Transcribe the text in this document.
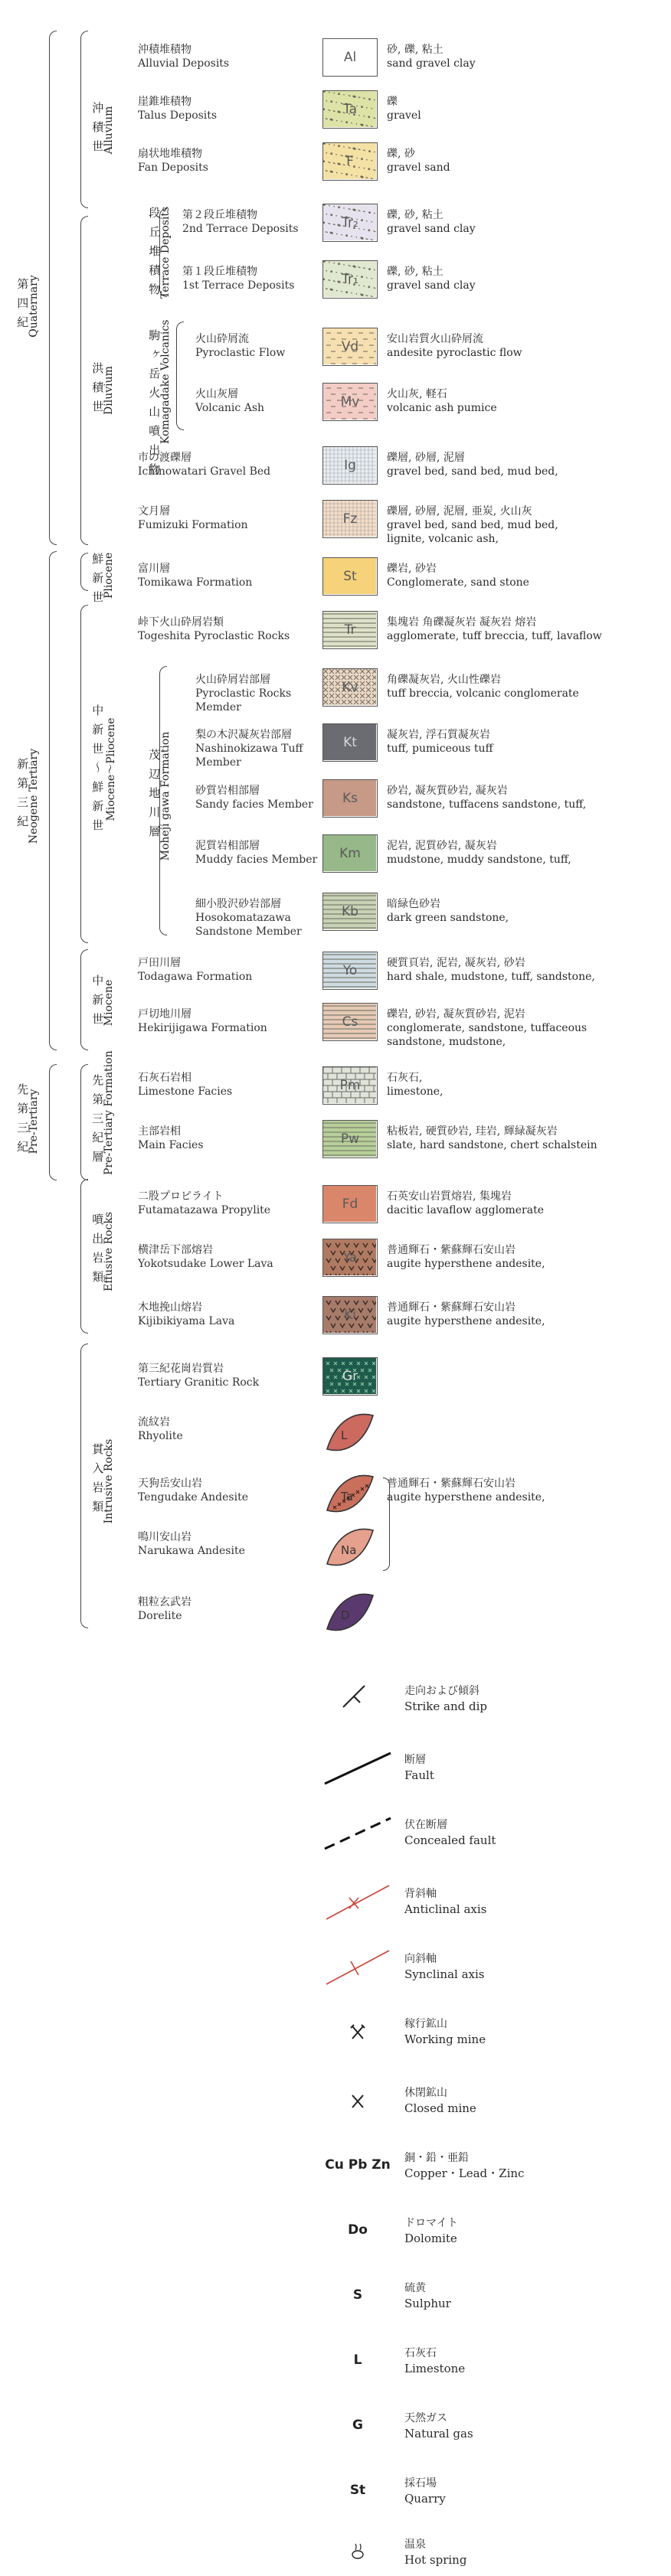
沖積堆積物
Alluvial Deposits	Al	砂, 礫, 粘土
sand gravel clay
崖錐堆積物
Talus Deposits	Ta	礫
gravel
扇状地堆積物
Fan Deposits	F	礫, 砂
gravel sand
第２段丘堆積物
2nd Terrace Deposits	Tr₂	礫, 砂, 粘土
gravel sand clay
第１段丘堆積物
1st Terrace Deposits	Tr₁	礫, 砂, 粘土
gravel sand clay
火山砕屑流
Pyroclastic Flow	Vd	安山岩質火山砕屑流
andesite pyroclastic flow
火山灰層
Volcanic Ash	Mv	火山灰, 軽石
volcanic ash pumice
市の渡礫層
Ichinowatari Gravel Bed	Ig	礫層, 砂層, 泥層
gravel bed, sand bed, mud bed,
文月層
Fumizuki Formation	Fz	礫層, 砂層, 泥層, 亜炭, 火山灰
gravel bed, sand bed, mud bed,
lignite, volcanic ash,
富川層
Tomikawa Formation	St	礫岩, 砂岩
Conglomerate, sand stone
峠下火山砕屑岩類
Togeshita Pyroclastic Rocks	Tr	集塊岩 角礫凝灰岩 凝灰岩 熔岩
agglomerate, tuff breccia, tuff, lavaflow
火山砕屑岩部層
Pyroclastic Rocks
Memder
Kv	角礫凝灰岩, 火山性礫岩
tuff breccia, volcanic conglomerate
梨の木沢凝灰岩部層
Nashinokizawa Tuff
Member
Kt	凝灰岩, 浮石質凝灰岩
tuff, pumiceous tuff
砂質岩相部層
Sandy facies Member	Ks	砂岩, 凝灰質砂岩, 凝灰岩
sandstone, tuffacens sandstone, tuff,
泥質岩相部層
Muddy facies Member	Km	泥岩, 泥質砂岩, 凝灰岩
mudstone, muddy sandstone, tuff,
細小股沢砂岩部層
Hosokomatazawa
Sandstone Member
Kb	暗緑色砂岩
dark green sandstone,
戸田川層
Todagawa Formation	Yo	硬質頁岩, 泥岩, 凝灰岩, 砂岩
hard shale, mudstone, tuff, sandstone,
戸切地川層
Hekirijigawa Formation	Cs	礫岩, 砂岩, 凝灰質砂岩, 泥岩
conglomerate, sandstone, tuffaceous
sandstone, mudstone,
石灰石岩相
Limestone Facies	Pm	石灰石,
limestone,
主部岩相
Main Facies	Pw	粘板岩, 硬質砂岩, 珪岩, 輝緑凝灰岩
slate, hard sandstone, chert schalstein
二股プロピライト
Futamatazawa Propylite	Fd	石英安山岩質熔岩, 集塊岩
dacitic lavaflow agglomerate
横津岳下部熔岩
Yokotsudake Lower Lava	Ya	普通輝石・紫蘇輝石安山岩
augite hypersthene andesite,
木地挽山熔岩
Kijibikiyama Lava	Ki	普通輝石・紫蘇輝石安山岩
augite hypersthene andesite,
第三紀花崗岩質岩
Tertiary Granitic Rock	Gr
流紋岩
Rhyolite	L
天狗岳安山岩
Tengudake Andesite	Ta
普通輝石・紫蘇輝石安山岩
augite hypersthene andesite,
鳴川安山岩
Narukawa Andesite	Na
粗粒玄武岩
Dorelite	D
第四紀
Quaternary
沖積世
Alluvium
洪積世
Diluvium
段丘堆積物
Terrace Deposits
駒ヶ岳火山噴出物
Komagadake Volcanics
新第三紀
Neogene Tertiary
鮮新世
Pliocene
中新世〜鮮新世 Miocene～Pliocene	茂辺地川層
Moheji gawa Formation
中新世
Miocene
先第三紀
Pre-Tertiary	先第三紀層
Pre-Tertiary Formation
噴出岩類
Effusive Rocks
貫入岩類
Intrusive Rocks
走向および傾斜
Strike and dip
断層
Fault
伏在断層
Concealed fault
背斜軸
Anticlinal axis
向斜軸
Synclinal axis
稼行鉱山
Working mine
休閉鉱山
Closed mine
Cu Pb Zn	銅・鉛・亜鉛
Copper・Lead・Zinc
Do	ドロマイト
Dolomite
S	硫黄
Sulphur
L	石灰石
Limestone
G	天然ガス
Natural gas
St	採石場
Quarry
温泉
Hot spring
